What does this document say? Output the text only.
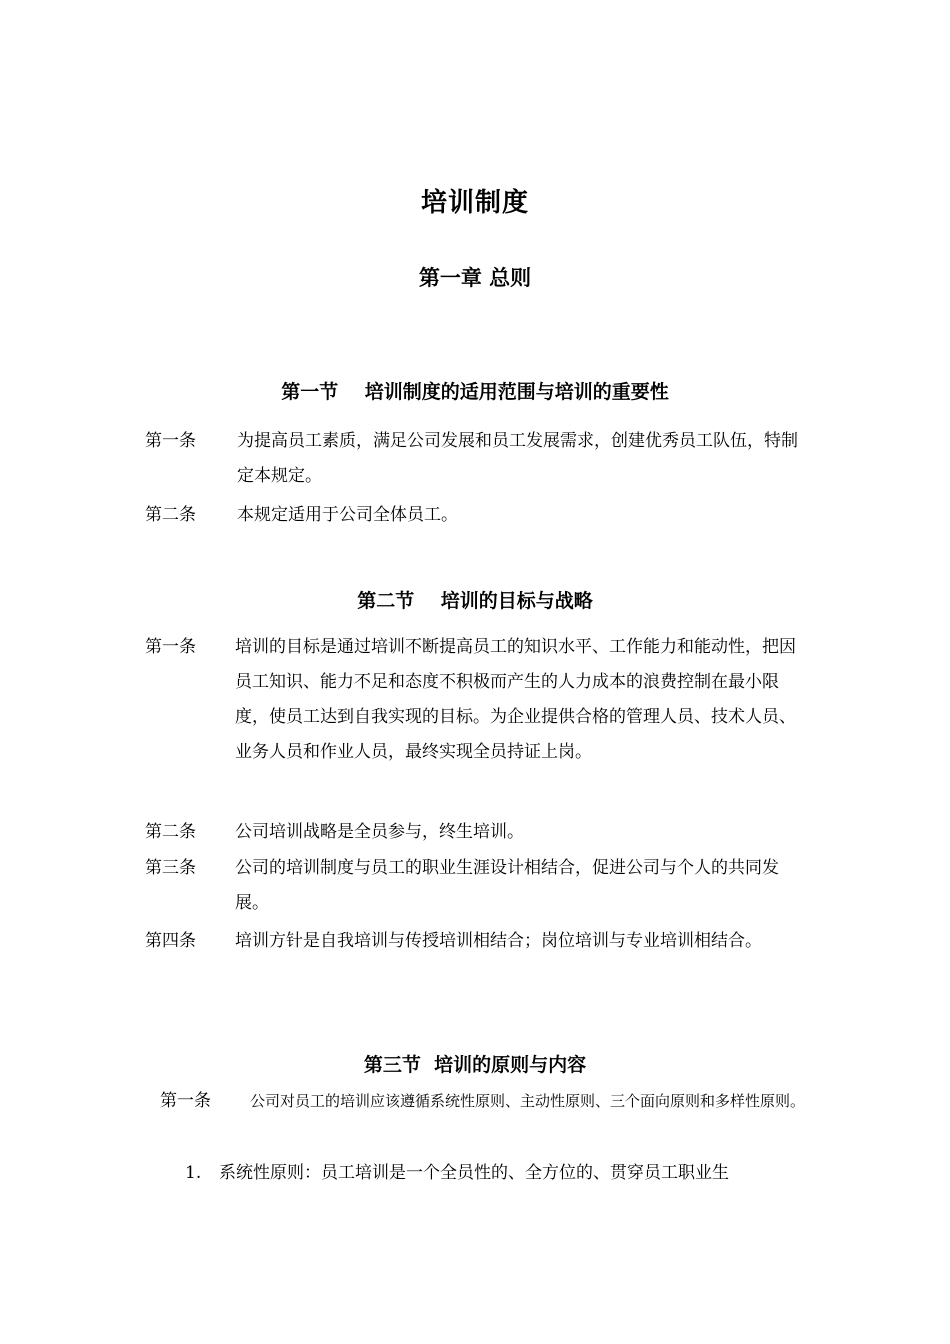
培训制度
第一章 总则
第一节    培训制度的适用范围与培训的重要性
第一条 为提高员工素质，满足公司发展和员工发展需求，创建优秀员工队伍，特制定本规定。
第二条 本规定适用于公司全体员工。
第二节    培训的目标与战略
第一条 培训的目标是通过培训不断提高员工的知识水平、工作能力和能动性，把因员工知识、能力不足和态度不积极而产生的人力成本的浪费控制在最小限度，使员工达到自我实现的目标。为企业提供合格的管理人员、技术人员、业务人员和作业人员，最终实现全员持证上岗。
第二条 公司培训战略是全员参与，终生培训。
第三条 公司的培训制度与员工的职业生涯设计相结合，促进公司与个人的共同发展。
第四条 培训方针是自我培训与传授培训相结合；岗位培训与专业培训相结合。
第三节  培训的原则与内容
第一条	公司对员工的培训应该遵循系统性原则、主动性原则、三个面向原则和多样性原则。
1. 系统性原则：员工培训是一个全员性的、全方位的、贯穿员工职业生
